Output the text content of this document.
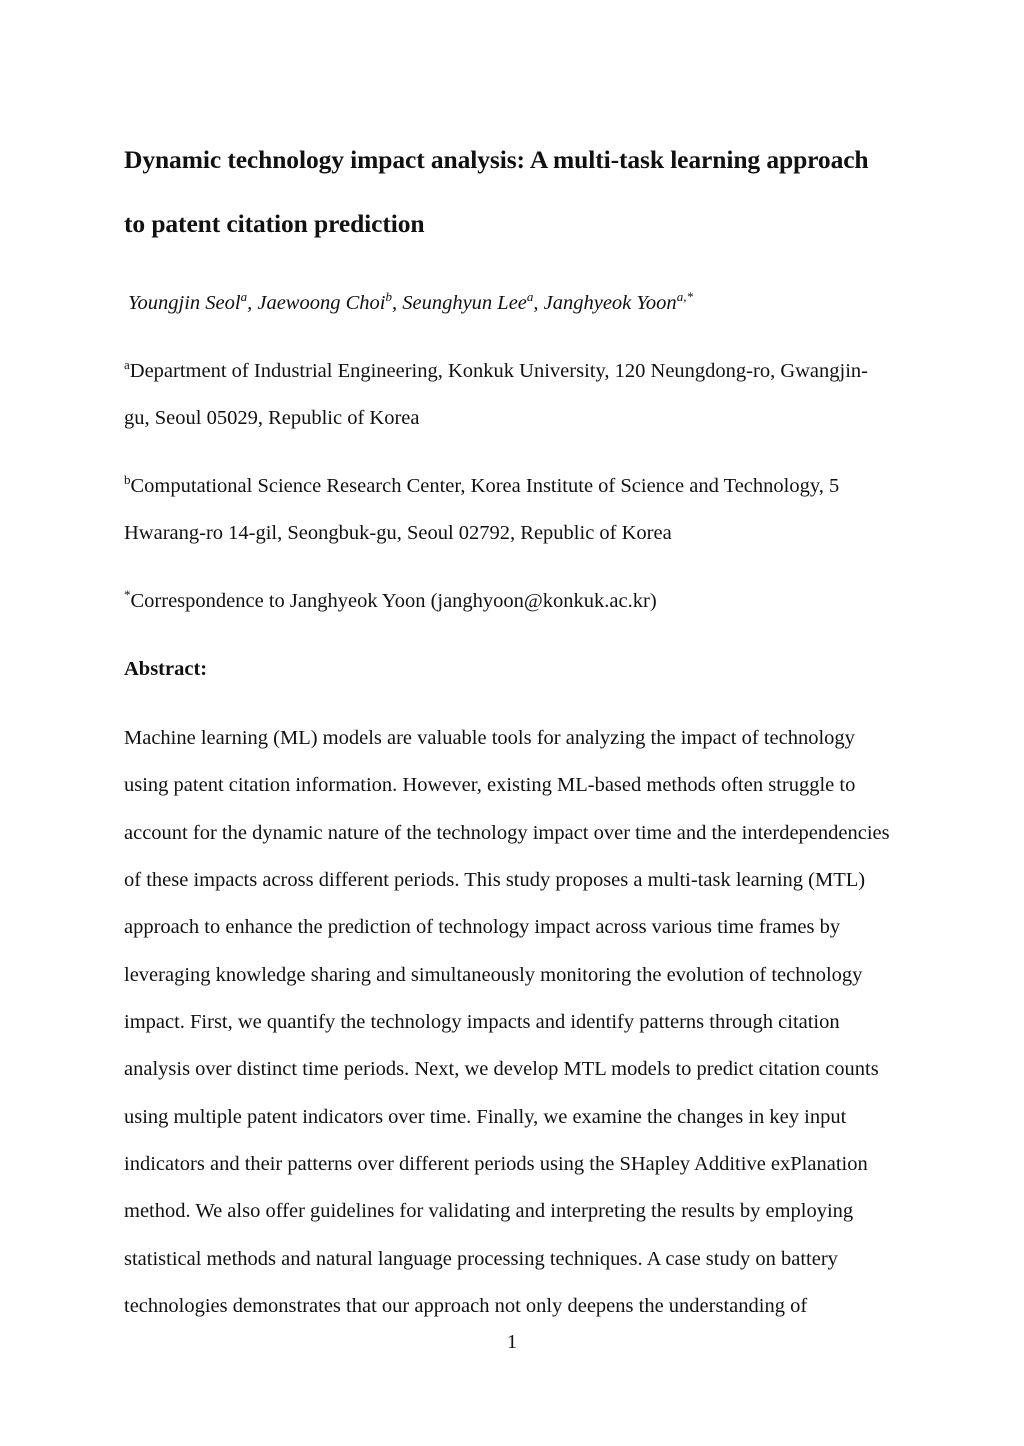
Dynamic technology impact analysis: A multi-task learning approach
to patent citation prediction
Youngjin Seol$^a$, Jaewoong Choi$^b$, Seunghyun Lee$^a$, Janghyeok Yoon$^{a,*}$
$^a$Department of Industrial Engineering, Konkuk University, 120 Neungdong-ro, Gwangjin-
gu, Seoul 05029, Republic of Korea
$^b$Computational Science Research Center, Korea Institute of Science and Technology, 5
Hwarang-ro 14-gil, Seongbuk-gu, Seoul 02792, Republic of Korea
*Correspondence to Janghyeok Yoon (janghyoon@konkuk.ac.kr)
Abstract:
Machine learning (ML) models are valuable tools for analyzing the impact of technology
using patent citation information. However, existing ML-based methods often struggle to
account for the dynamic nature of the technology impact over time and the interdependencies
of these impacts across different periods. This study proposes a multi-task learning (MTL)
approach to enhance the prediction of technology impact across various time frames by
leveraging knowledge sharing and simultaneously monitoring the evolution of technology
impact. First, we quantify the technology impacts and identify patterns through citation
analysis over distinct time periods. Next, we develop MTL models to predict citation counts
using multiple patent indicators over time. Finally, we examine the changes in key input
indicators and their patterns over different periods using the SHapley Additive exPlanation
method. We also offer guidelines for validating and interpreting the results by employing
statistical methods and natural language processing techniques. A case study on battery
technologies demonstrates that our approach not only deepens the understanding of
1
